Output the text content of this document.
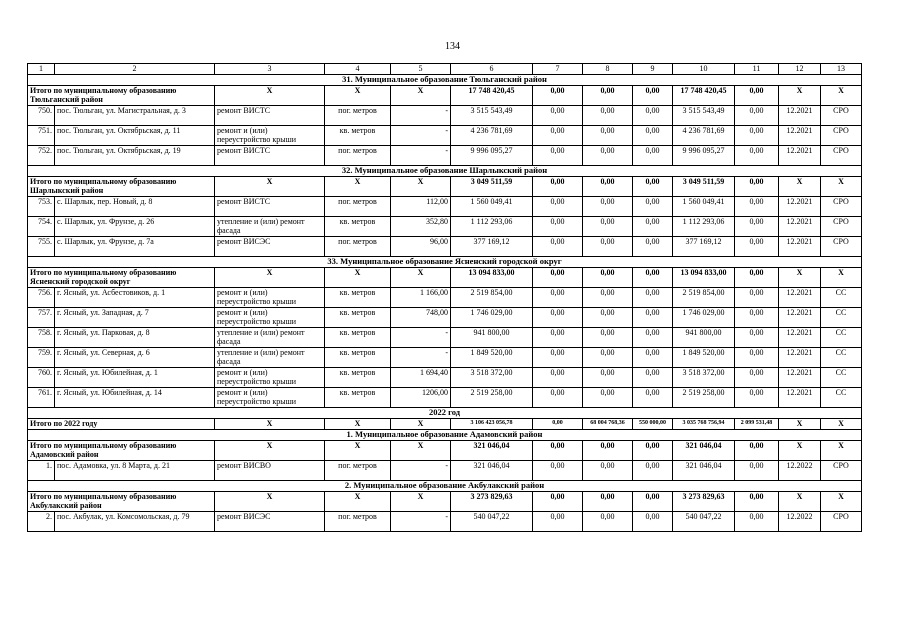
134
1	2	3	4	5	6	7	8	9	10	11	12	13
31. Муниципальное образование Тюльганский район												
Итого по муниципальному образованию Тюльганский район		X	X	X	17 748 420,45	0,00	0,00	0,00	17 748 420,45	0,00	X	X
750.	пос. Тюльган, ул. Магистральная, д. 3	ремонт ВИСТС	пог. метров	-	3 515 543,49	0,00	0,00	0,00	3 515 543,49	0,00	12.2021	СРО
751.	пос. Тюльган, ул. Октябрьская, д. 11	ремонт и (или) переустройство крыши	кв. метров	-	4 236 781,69	0,00	0,00	0,00	4 236 781,69	0,00	12.2021	СРО
752.	пос. Тюльган, ул. Октябрьская, д. 19	ремонт ВИСТС	пог. метров	-	9 996 095,27	0,00	0,00	0,00	9 996 095,27	0,00	12.2021	СРО
32. Муниципальное образование Шарлыкский район												
Итого по муниципальному образованию Шарлыкский район		X	X	X	3 049 511,59	0,00	0,00	0,00	3 049 511,59	0,00	X	X
753.	с. Шарлык, пер. Новый, д. 8	ремонт ВИСТС	пог. метров	112,00	1 560 049,41	0,00	0,00	0,00	1 560 049,41	0,00	12.2021	СРО
754.	с. Шарлык, ул. Фрунзе, д. 26	утепление и (или) ремонт фасада	кв. метров	352,80	1 112 293,06	0,00	0,00	0,00	1 112 293,06	0,00	12.2021	СРО
755.	с. Шарлык, ул. Фрунзе, д. 7а	ремонт ВИСЭС	пог. метров	96,00	377 169,12	0,00	0,00	0,00	377 169,12	0,00	12.2021	СРО
33. Муниципальное образование Ясненский городской округ												
Итого по муниципальному образованию Ясненский городской округ		X	X	X	13 094 833,00	0,00	0,00	0,00	13 094 833,00	0,00	X	X
756.	г. Ясный, ул. Асбестовиков, д. 1	ремонт и (или) переустройство крыши	кв. метров	1 166,00	2 519 854,00	0,00	0,00	0,00	2 519 854,00	0,00	12.2021	СС
757.	г. Ясный, ул. Западная, д. 7	ремонт и (или) переустройство крыши	кв. метров	748,00	1 746 029,00	0,00	0,00	0,00	1 746 029,00	0,00	12.2021	СС
758.	г. Ясный, ул. Парковая, д. 8	утепление и (или) ремонт фасада	кв. метров	-	941 800,00	0,00	0,00	0,00	941 800,00	0,00	12.2021	СС
759.	г. Ясный, ул. Северная, д. 6	утепление и (или) ремонт фасада	кв. метров	-	1 849 520,00	0,00	0,00	0,00	1 849 520,00	0,00	12.2021	СС
760.	г. Ясный, ул. Юбилейная, д. 1	ремонт и (или) переустройство крыши	кв. метров	1 694,40	3 518 372,00	0,00	0,00	0,00	3 518 372,00	0,00	12.2021	СС
761.	г. Ясный, ул. Юбилейная, д. 14	ремонт и (или) переустройство крыши	кв. метров	1206,00	2 519 258,00	0,00	0,00	0,00	2 519 258,00	0,00	12.2021	СС
2022 год												
Итого по 2022 году		X	X	X	3 106 423 056,78	0,00	68 004 768,36	550 000,00	3 035 768 756,94	2 099 531,48	X	X
1. Муниципальное образование Адамовский район												
Итого по муниципальному образованию Адамовский район		X	X	X	321 046,04	0,00	0,00	0,00	321 046,04	0,00	X	X
1.	пос. Адамовка, ул. 8 Марта, д. 21	ремонт ВИСВО	пог. метров	-	321 046,04	0,00	0,00	0,00	321 046,04	0,00	12.2022	СРО
2. Муниципальное образование Акбулакский район												
Итого по муниципальному образованию Акбулакский район		X	X	X	3 273 829,63	0,00	0,00	0,00	3 273 829,63	0,00	X	X
2.	пос. Акбулак, ул. Комсомольская, д. 79	ремонт ВИСЭС	пог. метров	-	540 047,22	0,00	0,00	0,00	540 047,22	0,00	12.2022	СРО
